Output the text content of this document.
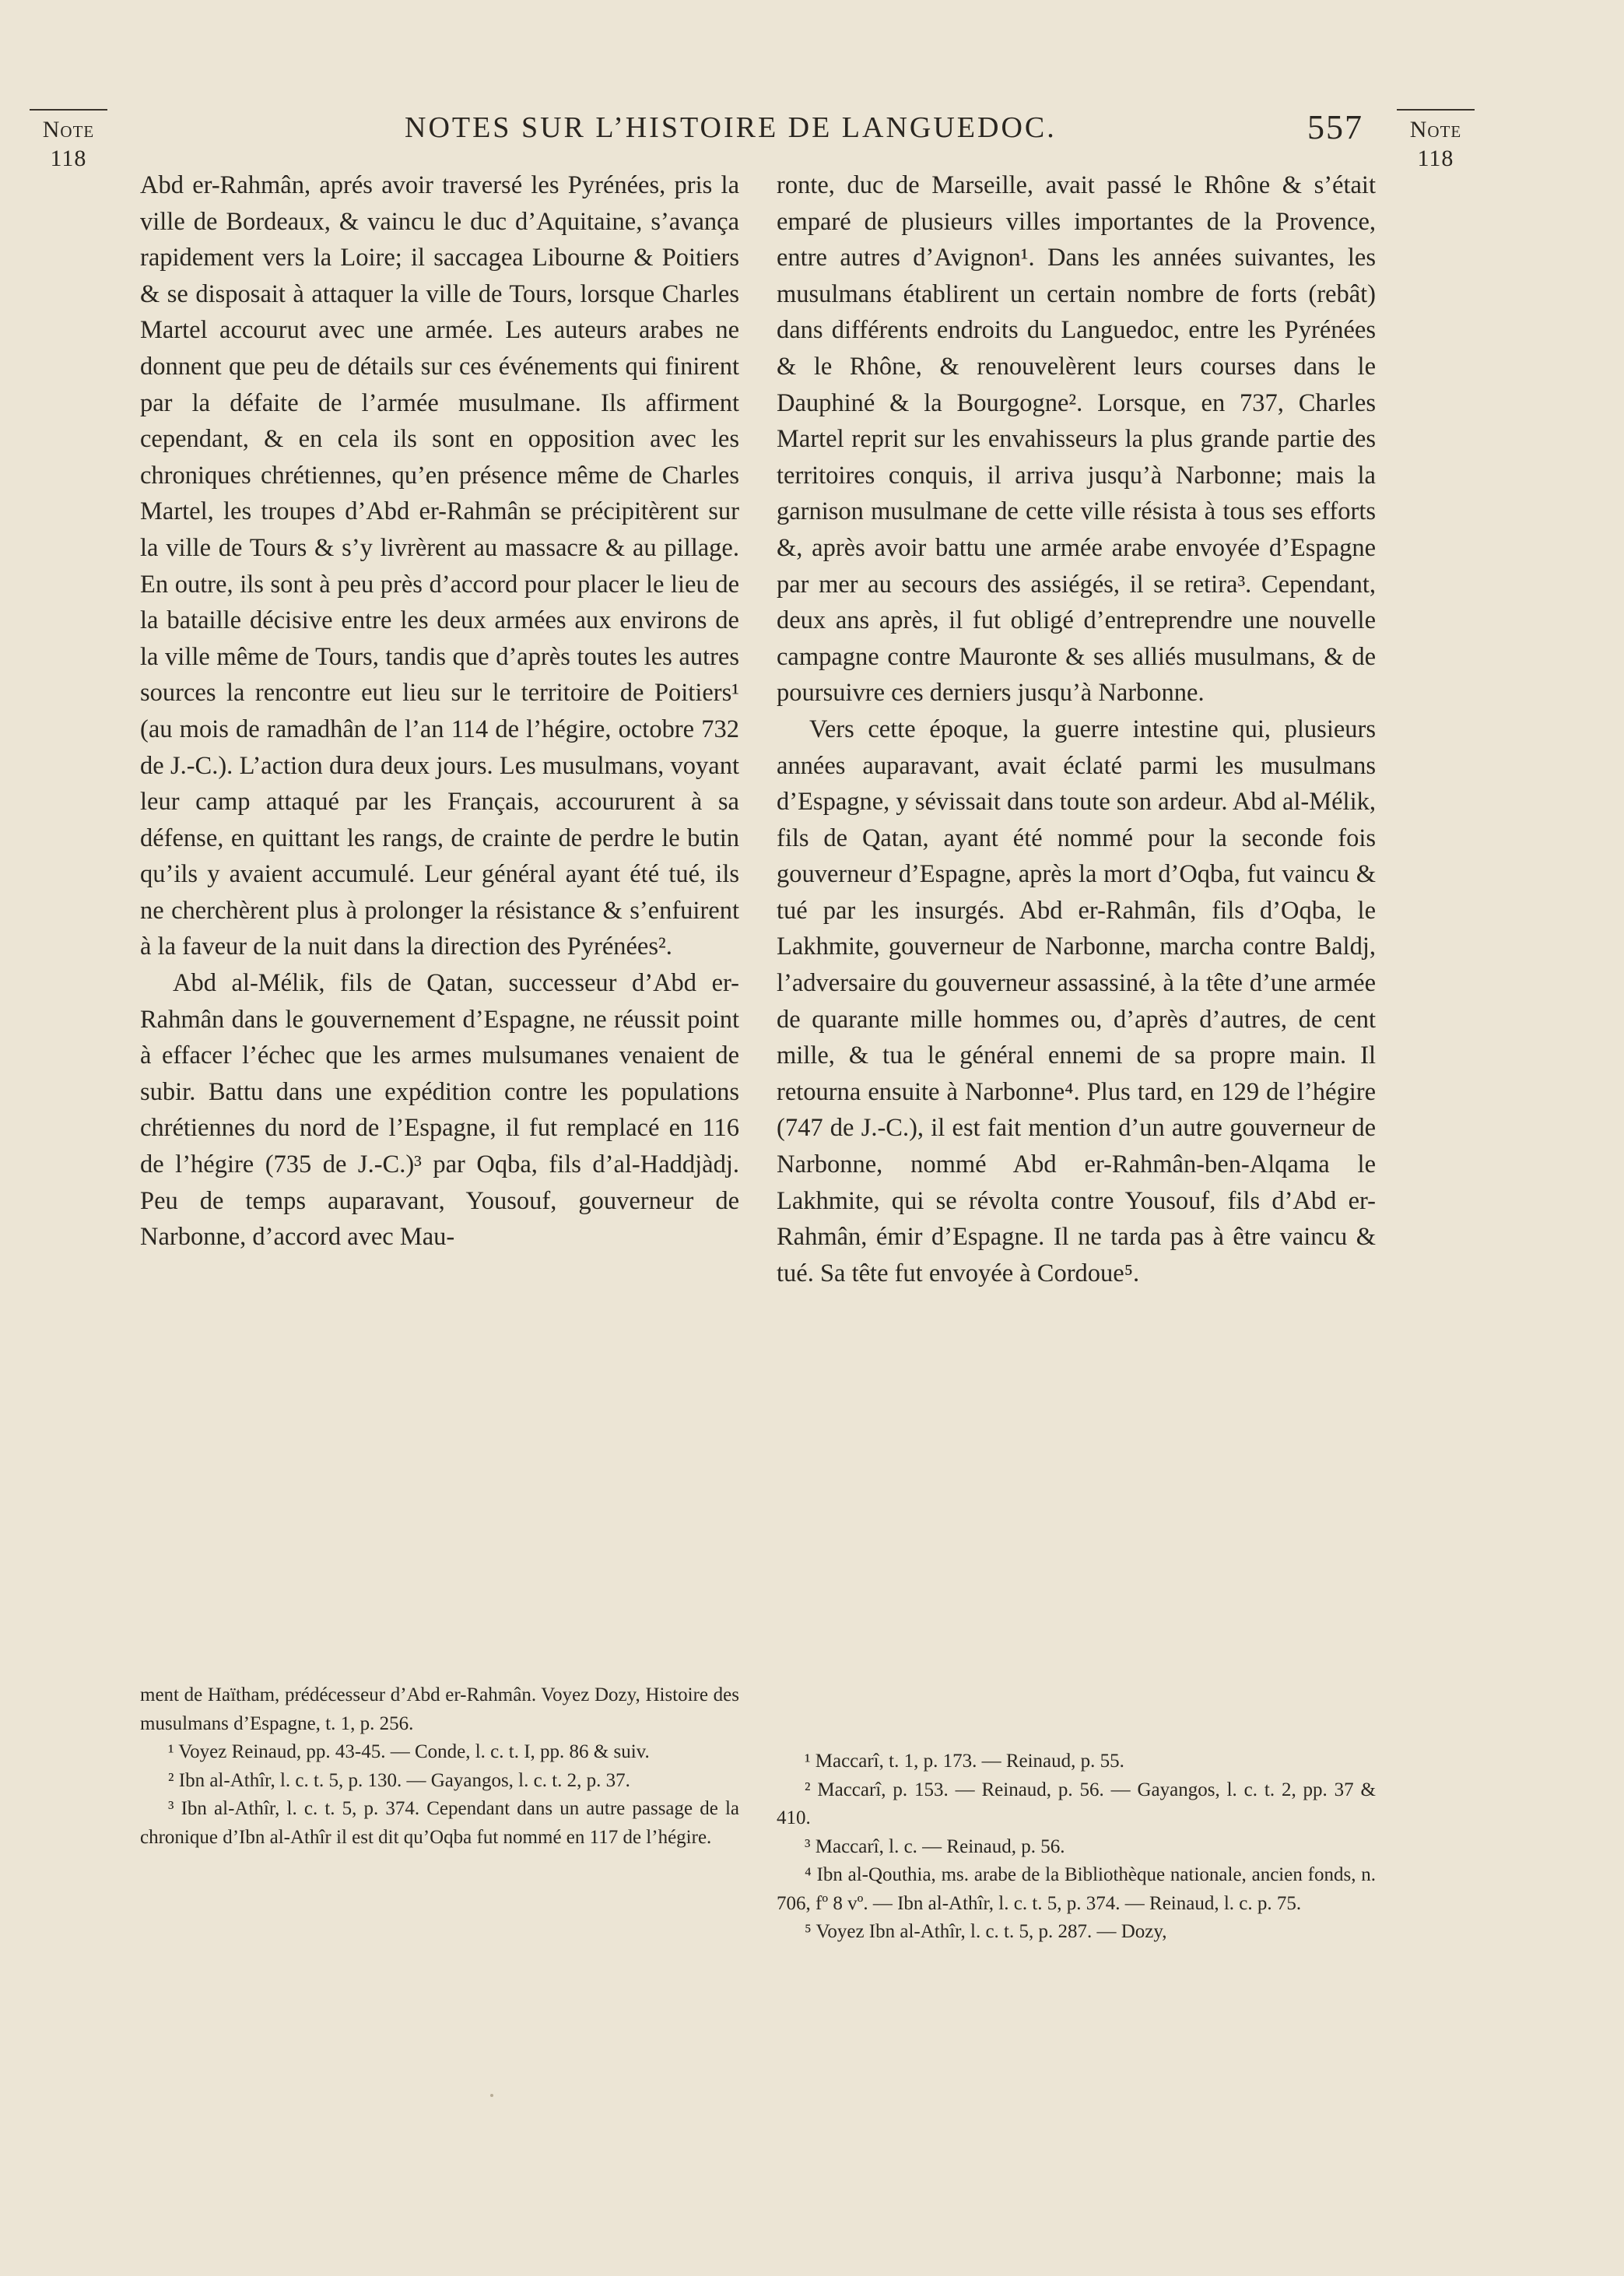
Note
118
NOTES SUR L’HISTOIRE DE LANGUEDOC.	557	Note
118

Abd er-Rahmân, aprés avoir traversé les Pyrénées, pris la ville de Bordeaux, & vaincu le duc d’Aquitaine, s’avança rapidement vers la Loire; il saccagea Libourne & Poitiers & se disposait à attaquer la ville de Tours, lorsque Charles Martel accourut avec une armée. Les auteurs arabes ne donnent que peu de détails sur ces événements qui finirent par la défaite de l’armée musulmane. Ils affirment cependant, & en cela ils sont en opposition avec les chroniques chrétiennes, qu’en présence même de Charles Martel, les troupes d’Abd er-Rahmân se précipitèrent sur la ville de Tours & s’y livrèrent au massacre & au pillage. En outre, ils sont à peu près d’accord pour placer le lieu de la bataille décisive entre les deux armées aux environs de la ville même de Tours, tandis que d’après toutes les autres sources la rencontre eut lieu sur le territoire de Poitiers¹ (au mois de ramadhân de l’an 114 de l’hégire, octobre 732 de J.-C.). L’action dura deux jours. Les musulmans, voyant leur camp attaqué par les Français, accoururent à sa défense, en quittant les rangs, de crainte de perdre le butin qu’ils y avaient accumulé. Leur général ayant été tué, ils ne cherchèrent plus à prolonger la résistance & s’enfuirent à la faveur de la nuit dans la direction des Pyrénées².

Abd al-Mélik, fils de Qatan, successeur d’Abd er-Rahmân dans le gouvernement d’Espagne, ne réussit point à effacer l’échec que les armes mulsumanes venaient de subir. Battu dans une expédition contre les populations chrétiennes du nord de l’Espagne, il fut remplacé en 116 de l’hégire (735 de J.-C.)³ par Oqba, fils d’al-Haddjàdj. Peu de temps auparavant, Yousouf, gouverneur de Narbonne, d’accord avec Mau-

ronte, duc de Marseille, avait passé le Rhône & s’était emparé de plusieurs villes importantes de la Provence, entre autres d’Avignon¹. Dans les années suivantes, les musulmans établirent un certain nombre de forts (rebât) dans différents endroits du Languedoc, entre les Pyrénées & le Rhône, & renouvelèrent leurs courses dans le Dauphiné & la Bourgogne². Lorsque, en 737, Charles Martel reprit sur les envahisseurs la plus grande partie des territoires conquis, il arriva jusqu’à Narbonne; mais la garnison musulmane de cette ville résista à tous ses efforts &, après avoir battu une armée arabe envoyée d’Espagne par mer au secours des assiégés, il se retira³. Cependant, deux ans après, il fut obligé d’entreprendre une nouvelle campagne contre Mauronte & ses alliés musulmans, & de poursuivre ces derniers jusqu’à Narbonne.

Vers cette époque, la guerre intestine qui, plusieurs années auparavant, avait éclaté parmi les musulmans d’Espagne, y sévissait dans toute son ardeur. Abd al-Mélik, fils de Qatan, ayant été nommé pour la seconde fois gouverneur d’Espagne, après la mort d’Oqba, fut vaincu & tué par les insurgés. Abd er-Rahmân, fils d’Oqba, le Lakhmite, gouverneur de Narbonne, marcha contre Baldj, l’adversaire du gouverneur assassiné, à la tête d’une armée de quarante mille hommes ou, d’après d’autres, de cent mille, & tua le général ennemi de sa propre main. Il retourna ensuite à Narbonne⁴. Plus tard, en 129 de l’hégire (747 de J.-C.), il est fait mention d’un autre gouverneur de Narbonne, nommé Abd er-Rahmân-ben-Alqama le Lakhmite, qui se révolta contre Yousouf, fils d’Abd er-Rahmân, émir d’Espagne. Il ne tarda pas à être vaincu & tué. Sa tête fut envoyée à Cordoue⁵.

ment de Haïtham, prédécesseur d’Abd er-Rahmân. Voyez Dozy, Histoire des musulmans d’Espagne, t. 1, p. 256.

¹ Voyez Reinaud, pp. 43-45. — Conde, l. c. t. I, pp. 86 & suiv.

² Ibn al-Athîr, l. c. t. 5, p. 130. — Gayangos, l. c. t. 2, p. 37.

³ Ibn al-Athîr, l. c. t. 5, p. 374. Cependant dans un autre passage de la chronique d’Ibn al-Athîr il est dit qu’Oqba fut nommé en 117 de l’hégire.

¹ Maccarî, t. 1, p. 173. — Reinaud, p. 55.

² Maccarî, p. 153. — Reinaud, p. 56. — Gayangos, l. c. t. 2, pp. 37 & 410.

³ Maccarî, l. c. — Reinaud, p. 56.

⁴ Ibn al-Qouthia, ms. arabe de la Bibliothèque nationale, ancien fonds, n. 706, fº 8 vº. — Ibn al-Athîr, l. c. t. 5, p. 374. — Reinaud, l. c. p. 75.

⁵ Voyez Ibn al-Athîr, l. c. t. 5, p. 287. — Dozy,
